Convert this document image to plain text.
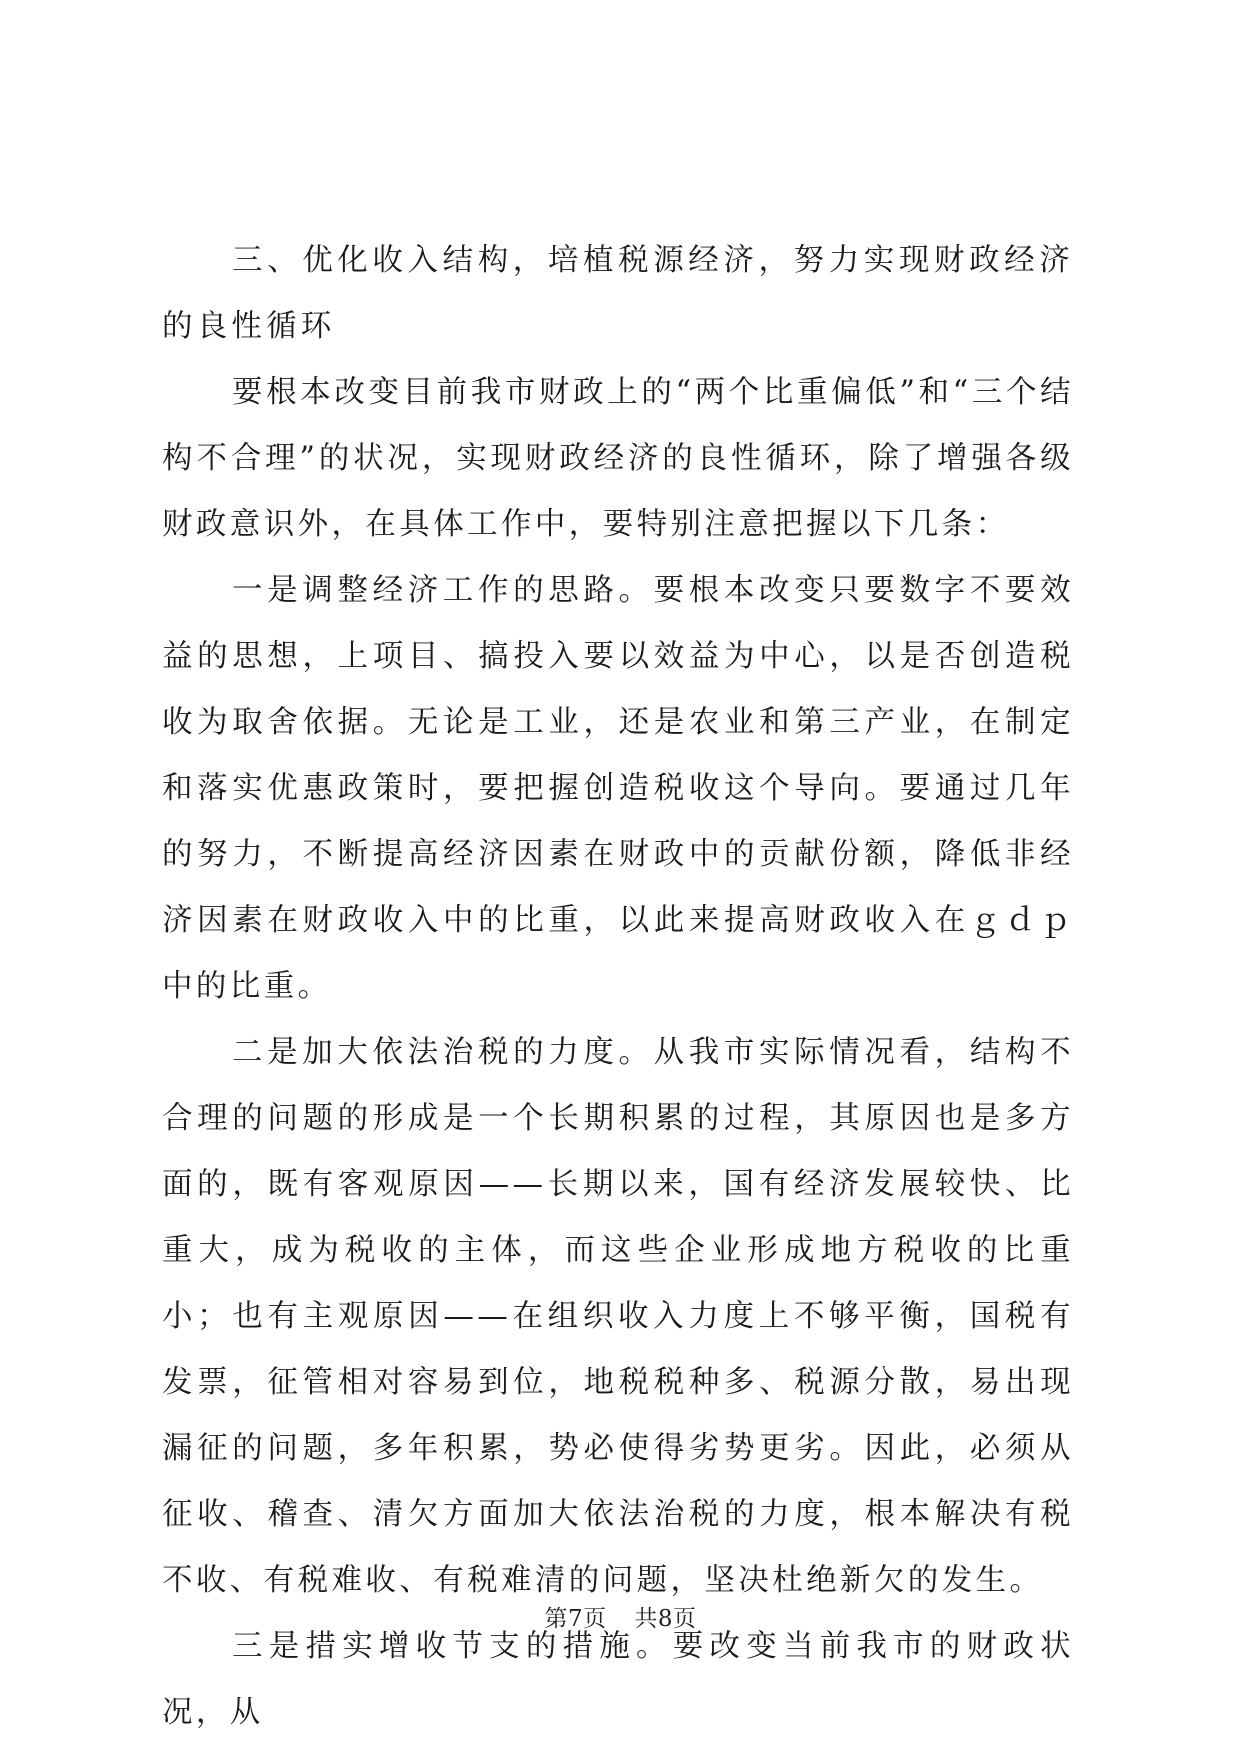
三、优化收入结构，培植税源经济，努力实现财政经济的良性循环

要根本改变目前我市财政上的“两个比重偏低”和“三个结构不合理”的状况，实现财政经济的良性循环，除了增强各级财政意识外，在具体工作中，要特别注意把握以下几条：

一是调整经济工作的思路。要根本改变只要数字不要效益的思想，上项目、搞投入要以效益为中心，以是否创造税收为取舍依据。无论是工业，还是农业和第三产业，在制定和落实优惠政策时，要把握创造税收这个导向。要通过几年的努力，不断提高经济因素在财政中的贡献份额，降低非经济因素在财政收入中的比重，以此来提高财政收入在ｇｄｐ中的比重。

二是加大依法治税的力度。从我市实际情况看，结构不合理的问题的形成是一个长期积累的过程，其原因也是多方面的，既有客观原因——长期以来，国有经济发展较快、比重大，成为税收的主体，而这些企业形成地方税收的比重小；也有主观原因——在组织收入力度上不够平衡，国税有发票，征管相对容易到位，地税税种多、税源分散，易出现漏征的问题，多年积累，势必使得劣势更劣。因此，必须从征收、稽查、清欠方面加大依法治税的力度，根本解决有税不收、有税难收、有税难清的问题，坚决杜绝新欠的发生。

三是措实增收节支的措施。要改变当前我市的财政状况，从

第7页 共8页
